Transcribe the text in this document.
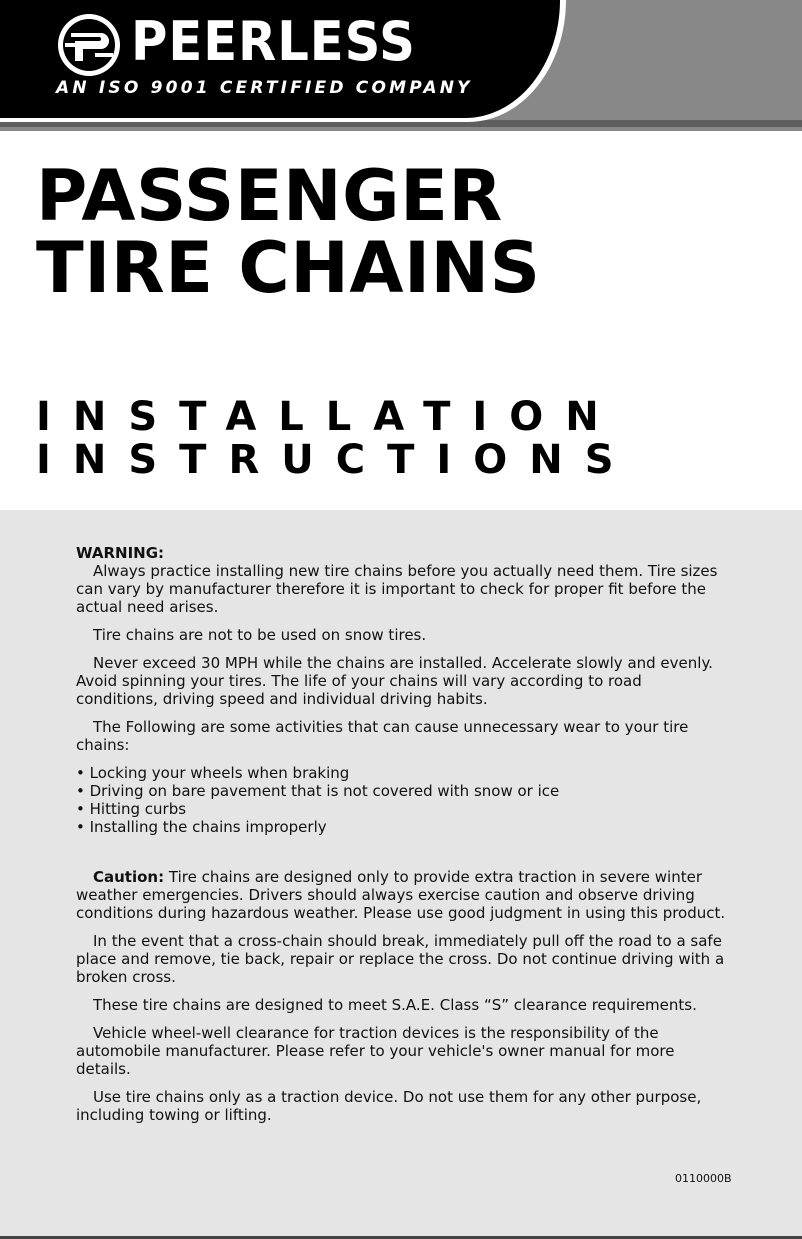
PEERLESS
AN ISO 9001 CERTIFIED COMPANY
PASSENGER
TIRE CHAINS
INSTALLATION
INSTRUCTIONS
WARNING:

Always practice installing new tire chains before you actually need them. Tire sizes can vary by manufacturer therefore it is important to check for proper fit before the actual need arises.

Tire chains are not to be used on snow tires.

Never exceed 30 MPH while the chains are installed. Accelerate slowly and evenly. Avoid spinning your tires. The life of your chains will vary according to road conditions, driving speed and individual driving habits.

The Following are some activities that can cause unnecessary wear to your tire chains:

• Locking your wheels when braking
• Driving on bare pavement that is not covered with snow or ice
• Hitting curbs
• Installing the chains improperly

Caution: Tire chains are designed only to provide extra traction in severe winter weather emergencies. Drivers should always exercise caution and observe driving conditions during hazardous weather. Please use good judgment in using this product.

In the event that a cross-chain should break, immediately pull off the road to a safe place and remove, tie back, repair or replace the cross. Do not continue driving with a broken cross.

These tire chains are designed to meet S.A.E. Class “S” clearance requirements.

Vehicle wheel-well clearance for traction devices is the responsibility of the automobile manufacturer. Please refer to your vehicle's owner manual for more details.

Use tire chains only as a traction device. Do not use them for any other purpose, including towing or lifting.

0110000B
